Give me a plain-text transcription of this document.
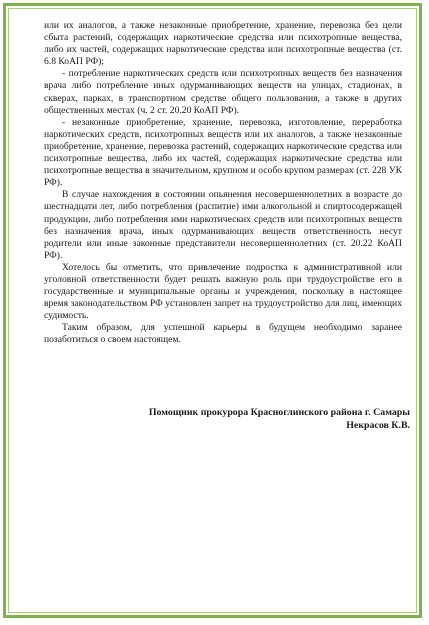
или их аналогов, а также незаконные приобретение, хранение, перевозка без цели сбыта растений, содержащих наркотические средства или психотропные вещества, либо их частей, содержащих наркотические средства или психотропные вещества (ст. 6.8 КоАП РФ);

- потребление наркотических средств или психотропных веществ без назначения врача либо потребление иных одурманивающих веществ на улицах, стадионах, в скверах, парках, в транспортном средстве общего пользования, а также в других общественных местах (ч. 2 ст. 20.20 КоАП РФ).

- незаконные приобретение, хранение, перевозка, изготовление, переработка наркотических средств, психотропных веществ или их аналогов, а также незаконные приобретение, хранение, перевозка растений, содержащих наркотические средства или психотропные вещества, либо их частей, содержащих наркотические средства или психотропные вещества в значительном, крупном и особо крупом размерах (ст. 228 УК РФ).

В случае нахождения в состоянии опьянения несовершеннолетних в возрасте до шестнадцати лет, либо потребления (распитие) ими алкогольной и спиртосодержащей продукции, либо потребления ими наркотических средств или психотропных веществ без назначения врача, иных одурманивающих веществ ответственность несут родители или иные законные представители несовершеннолетних (ст. 20.22 КоАП РФ).

Хотелось бы отметить, что привлечение подростка к административной или уголовной ответственности будет решать важную роль при трудоустройстве его в государственные и муниципальные органы и учреждения, поскольку в настоящее время законодательством РФ установлен запрет на трудоустройство для лиц, имеющих судимость.

Таким образом, для успешной карьеры в будущем необходимо заранее позаботиться о своем настоящем.

Помощник прокурора Красноглинского района г. Самары
Некрасов К.В.
